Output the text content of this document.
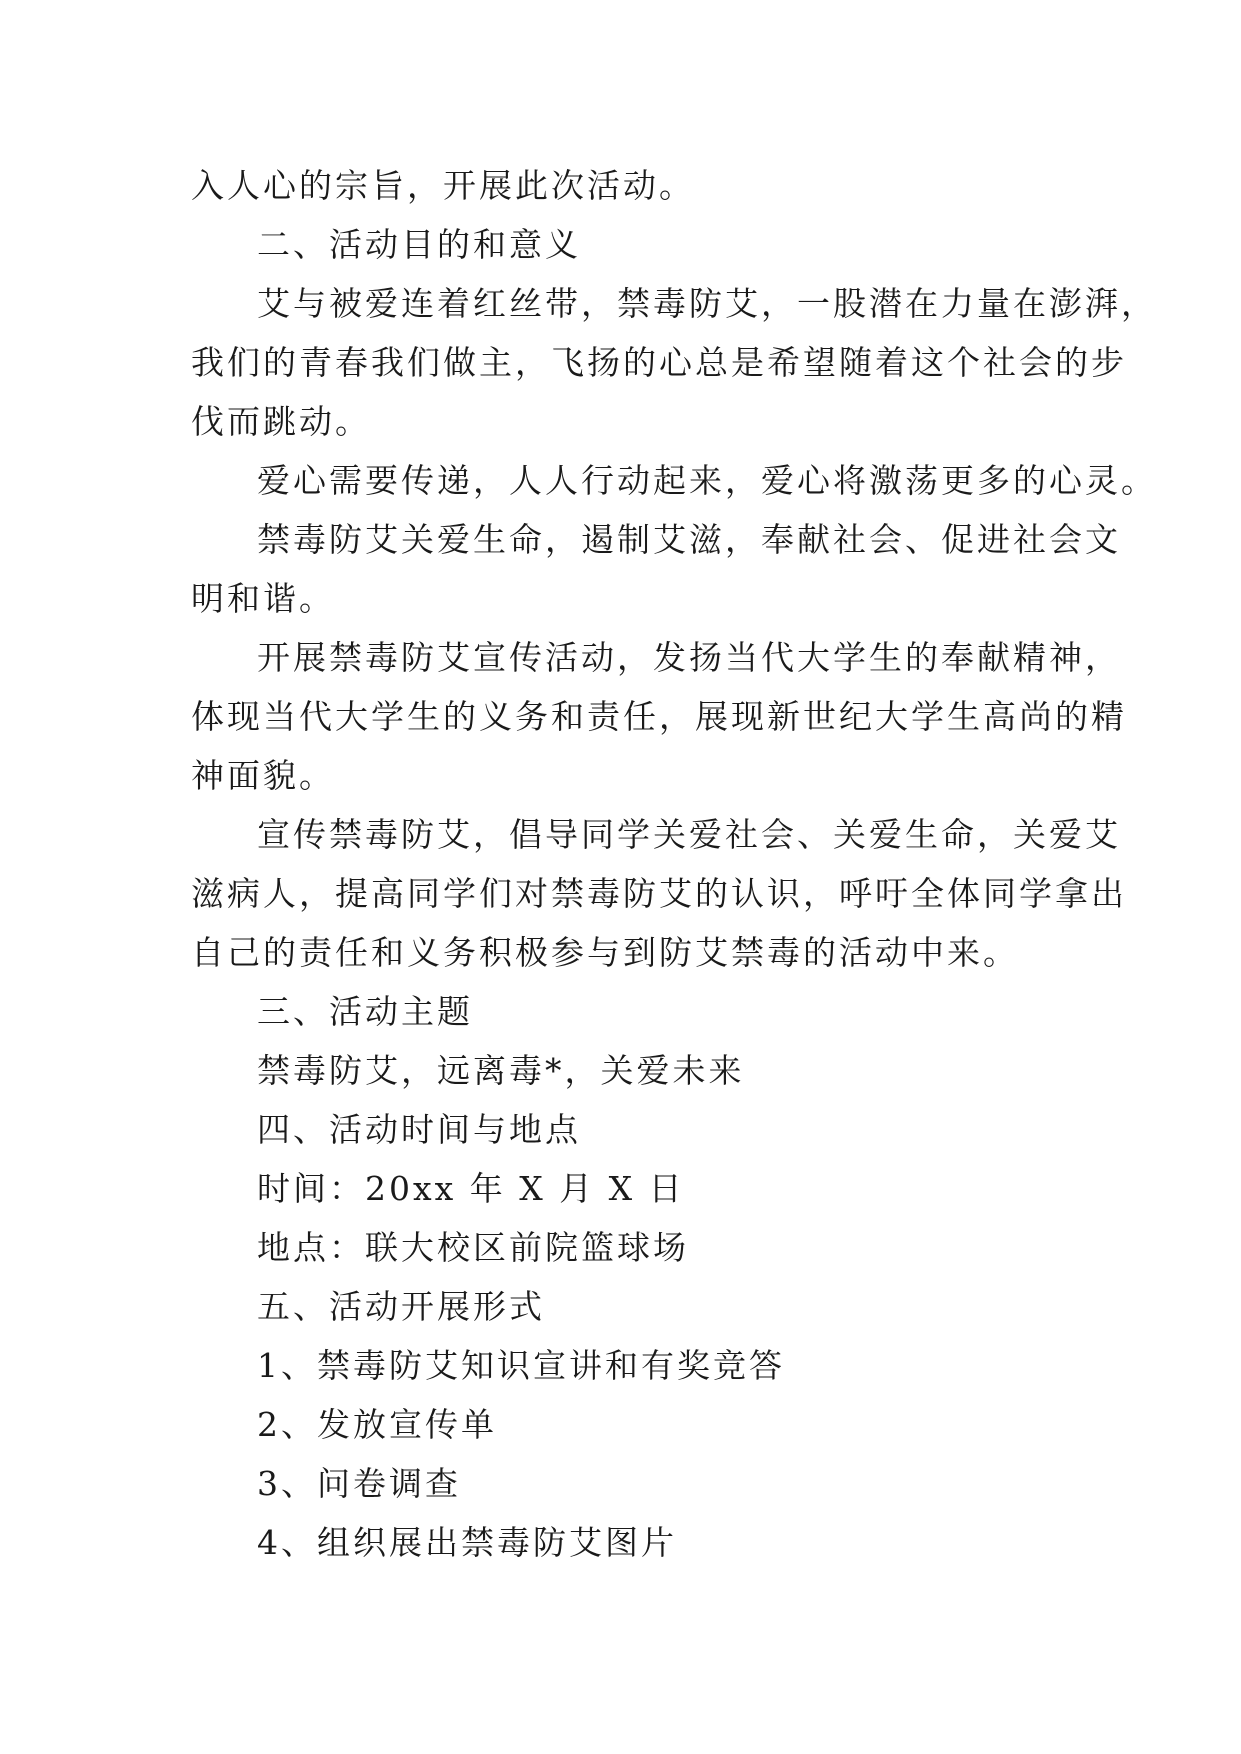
入人心的宗旨，开展此次活动。
二、活动目的和意义
艾与被爱连着红丝带，禁毒防艾，一股潜在力量在澎湃，
我们的青春我们做主，飞扬的心总是希望随着这个社会的步
伐而跳动。
爱心需要传递，人人行动起来，爱心将激荡更多的心灵。
禁毒防艾关爱生命，遏制艾滋，奉献社会、促进社会文
明和谐。
开展禁毒防艾宣传活动，发扬当代大学生的奉献精神，
体现当代大学生的义务和责任，展现新世纪大学生高尚的精
神面貌。
宣传禁毒防艾，倡导同学关爱社会、关爱生命，关爱艾
滋病人，提高同学们对禁毒防艾的认识，呼吁全体同学拿出
自己的责任和义务积极参与到防艾禁毒的活动中来。
三、活动主题
禁毒防艾，远离毒*，关爱未来
四、活动时间与地点
时间：20xx 年 X 月 X 日
地点：联大校区前院篮球场
五、活动开展形式
1、禁毒防艾知识宣讲和有奖竞答
2、发放宣传单
3、问卷调查
4、组织展出禁毒防艾图片
